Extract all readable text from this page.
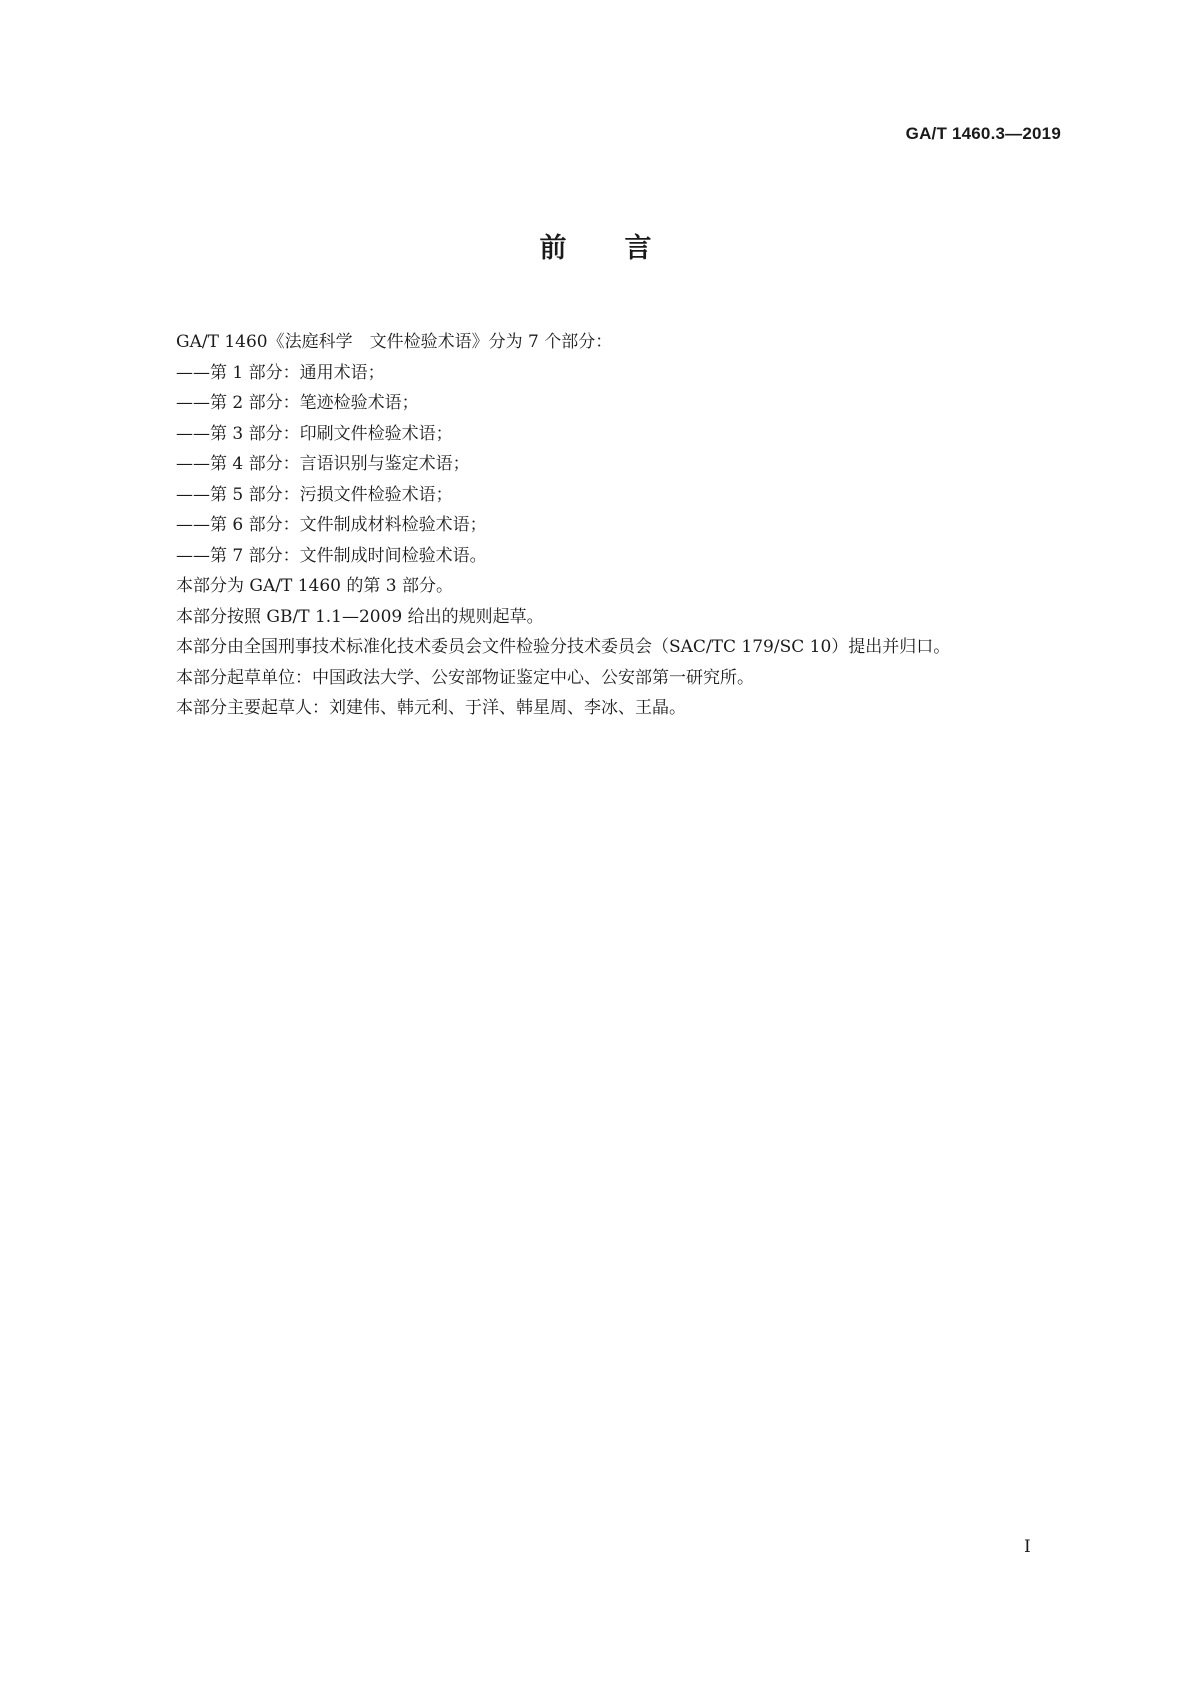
GA/T 1460.3—2019
前言

GA/T 1460《法庭科学　文件检验术语》分为 7 个部分：

——第 1 部分：通用术语；

——第 2 部分：笔迹检验术语；

——第 3 部分：印刷文件检验术语；

——第 4 部分：言语识别与鉴定术语；

——第 5 部分：污损文件检验术语；

——第 6 部分：文件制成材料检验术语；

——第 7 部分：文件制成时间检验术语。

本部分为 GA/T 1460 的第 3 部分。

本部分按照 GB/T 1.1—2009 给出的规则起草。

本部分由全国刑事技术标准化技术委员会文件检验分技术委员会（SAC/TC 179/SC 10）提出并归口。

本部分起草单位：中国政法大学、公安部物证鉴定中心、公安部第一研究所。

本部分主要起草人：刘建伟、韩元利、于洋、韩星周、李冰、王晶。

I
